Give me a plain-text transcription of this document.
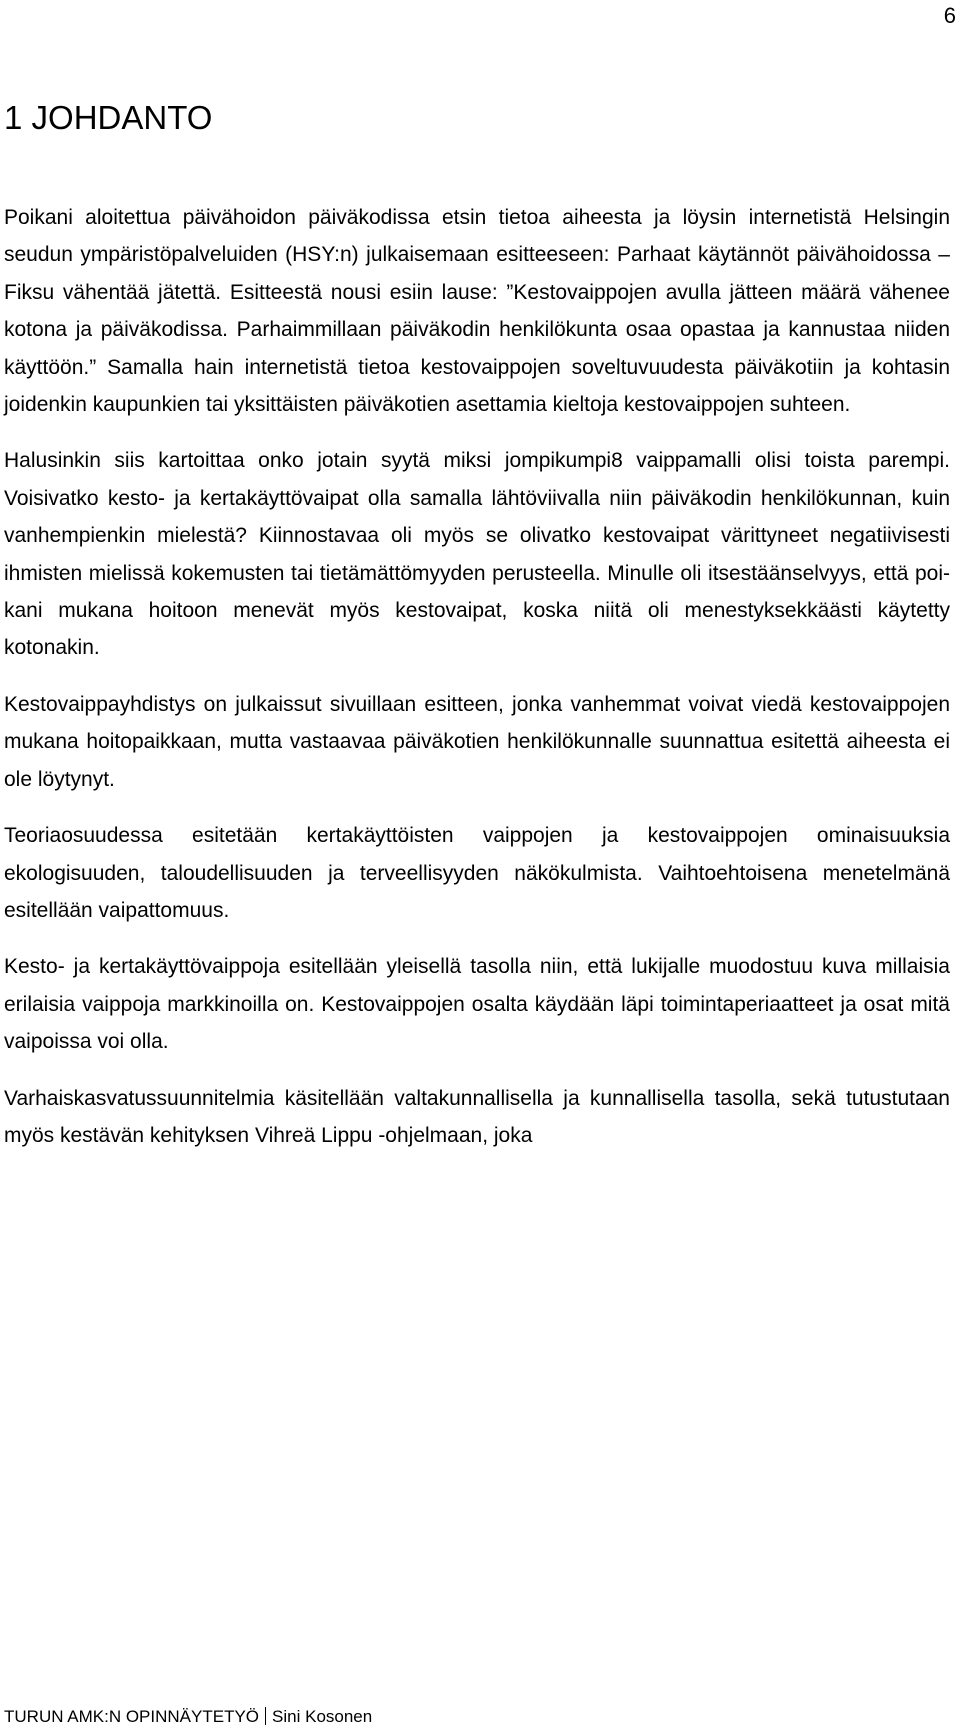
6
1 JOHDANTO

Poikani aloitettua päivähoidon päiväkodissa etsin tietoa aiheesta ja löysin internetistä Helsingin seudun ympäristöpalveluiden (HSY:n) julkaisemaan esitteeseen: Parhaat käytännöt päivähoidossa – Fiksu vähentää jätettä. Esitteestä nousi esiin lause: ”Kestovaippojen avulla jätteen määrä vähenee kotona ja päiväkodissa. Parhaimmillaan päiväkodin henkilökunta osaa opastaa ja kannustaa niiden käyttöön.” Samalla hain internetistä tietoa kestovaippojen soveltuvuudesta päiväkotiin ja kohtasin joidenkin kaupunkien tai yksittäisten päiväkotien asettamia kieltoja kestovaippojen suhteen.

Halusinkin siis kartoittaa onko jotain syytä miksi jompikumpi8 vaippamalli olisi toista parempi. Voisivatko kesto- ja kertakäyttövaipat olla samalla lähtöviivalla niin päiväkodin henkilökunnan, kuin vanhempienkin mielestä? Kiinnostavaa oli myös se olivatko kestovaipat värittyneet negatiivisesti ihmisten mielissä kokemusten tai tietämättömyyden perusteella. Minulle oli itsestäänselvyys, että poikani mukana hoitoon menevät myös kestovaipat, koska niitä oli menestyksekkäästi käytetty kotonakin.

Kestovaippayhdistys on julkaissut sivuillaan esitteen, jonka vanhemmat voivat viedä kestovaippojen mukana hoitopaikkaan, mutta vastaavaa päiväkotien henkilökunnalle suunnattua esitettä aiheesta ei ole löytynyt.

Teoriaosuudessa esitetään kertakäyttöisten vaippojen ja kestovaippojen ominaisuuksia ekologisuuden, taloudellisuuden ja terveellisyyden näkökulmista. Vaihtoehtoisena menetelmänä esitellään vaipattomuus.

Kesto- ja kertakäyttövaippoja esitellään yleisellä tasolla niin, että lukijalle muodostuu kuva millaisia erilaisia vaippoja markkinoilla on. Kestovaippojen osalta käydään läpi toimintaperiaatteet ja osat mitä vaipoissa voi olla.

Varhaiskasvatussuunnitelmia käsitellään valtakunnallisella ja kunnallisella tasolla, sekä tutustutaan myös kestävän kehityksen Vihreä Lippu -ohjelmaan, joka

TURUN AMK:N OPINNÄYTETYÖ Sini Kosonen
